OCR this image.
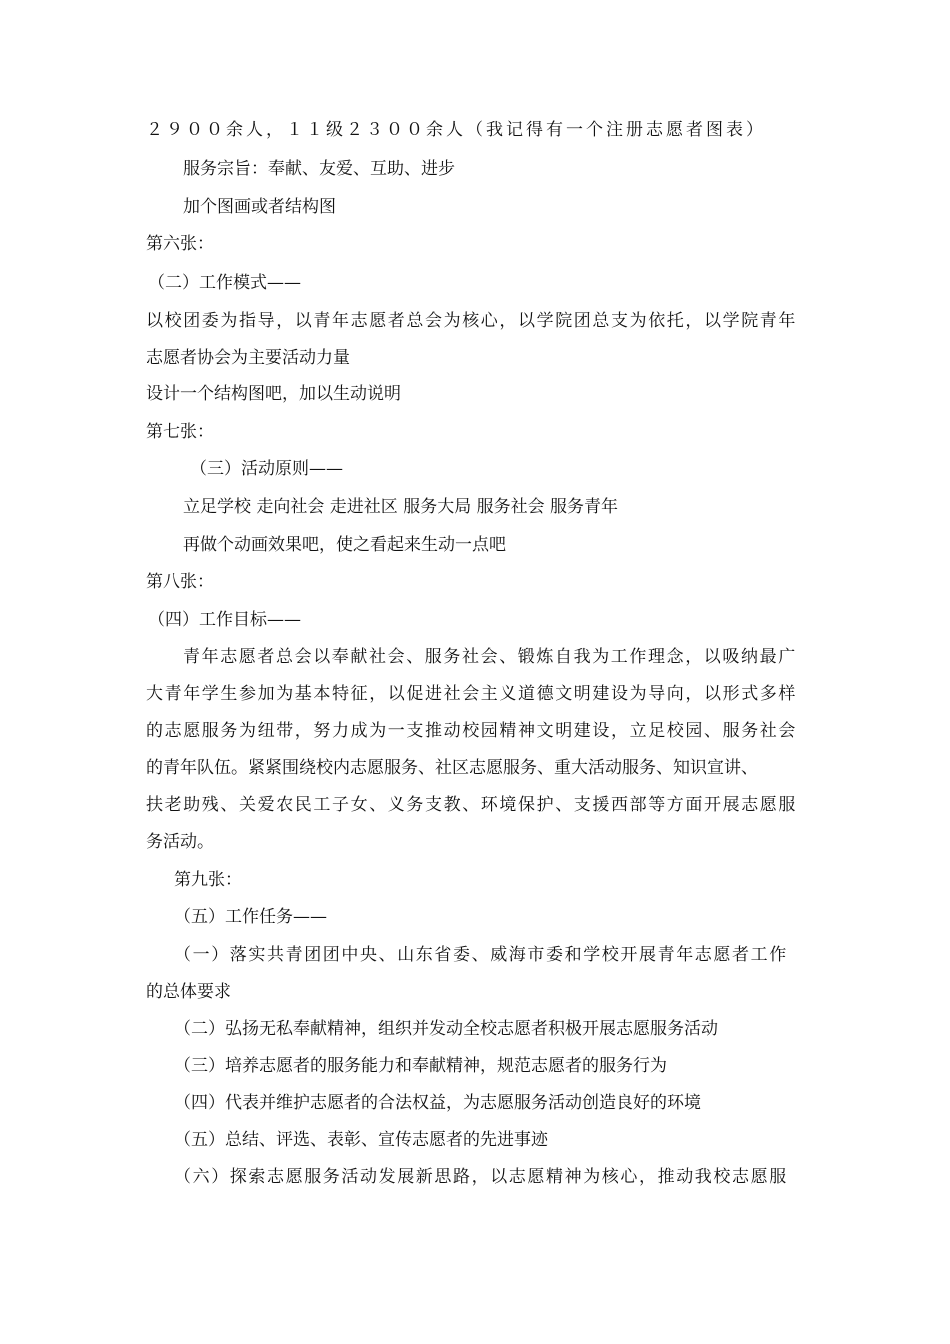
２９００余人，１１级２３００余人（我记得有一个注册志愿者图表）
服务宗旨：奉献、友爱、互助、进步
加个图画或者结构图
第六张：
（二）工作模式——
以校团委为指导，以青年志愿者总会为核心，以学院团总支为依托，以学院青年
志愿者协会为主要活动力量
设计一个结构图吧，加以生动说明
第七张：
（三）活动原则——
立足学校 走向社会 走进社区 服务大局 服务社会 服务青年
再做个动画效果吧，使之看起来生动一点吧
第八张：
（四）工作目标——
青年志愿者总会以奉献社会、服务社会、锻炼自我为工作理念，以吸纳最广
大青年学生参加为基本特征，以促进社会主义道德文明建设为导向，以形式多样
的志愿服务为纽带，努力成为一支推动校园精神文明建设，立足校园、服务社会
的青年队伍。紧紧围绕校内志愿服务、社区志愿服务、重大活动服务、知识宣讲、
扶老助残、关爱农民工子女、义务支教、环境保护、支援西部等方面开展志愿服
务活动。
第九张：
（五）工作任务——
（一）落实共青团团中央、山东省委、威海市委和学校开展青年志愿者工作
的总体要求
（二）弘扬无私奉献精神，组织并发动全校志愿者积极开展志愿服务活动
（三）培养志愿者的服务能力和奉献精神，规范志愿者的服务行为
（四）代表并维护志愿者的合法权益，为志愿服务活动创造良好的环境
（五）总结、评选、表彰、宣传志愿者的先进事迹
（六）探索志愿服务活动发展新思路，以志愿精神为核心，推动我校志愿服
